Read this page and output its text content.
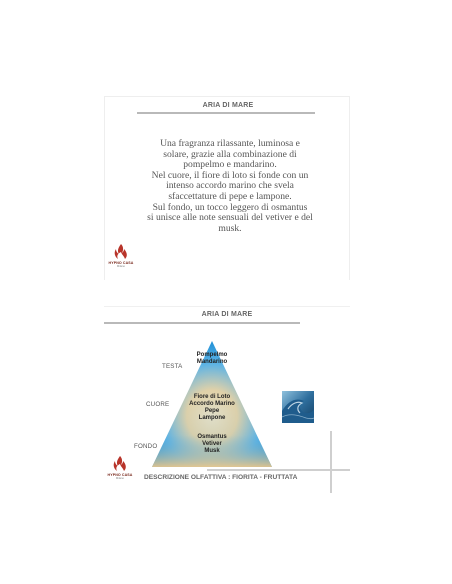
ARIA DI MARE
Una fragranza rilassante, luminosa e
solare, grazie alla combinazione di
pompelmo e mandarino.
Nel cuore, il fiore di loto si fonde con un
intenso accordo marino che svela
sfaccettature di pepe e lampone.
Sul fondo, un tocco leggero di osmantus
si unisce alle note sensuali del vetiver e del
musk.
HYPNO CASA
Milano
ARIA DI MARE
TESTA
CUORE
FONDO
Pompelmo
Mandarino
Fiore di Loto
Accordo Marino
Pepe
Lampone
Osmantus
Vetiver
Musk
DESCRIZIONE OLFATTIVA : FIORITA - FRUTTATA
HYPNO CASA
Milano
